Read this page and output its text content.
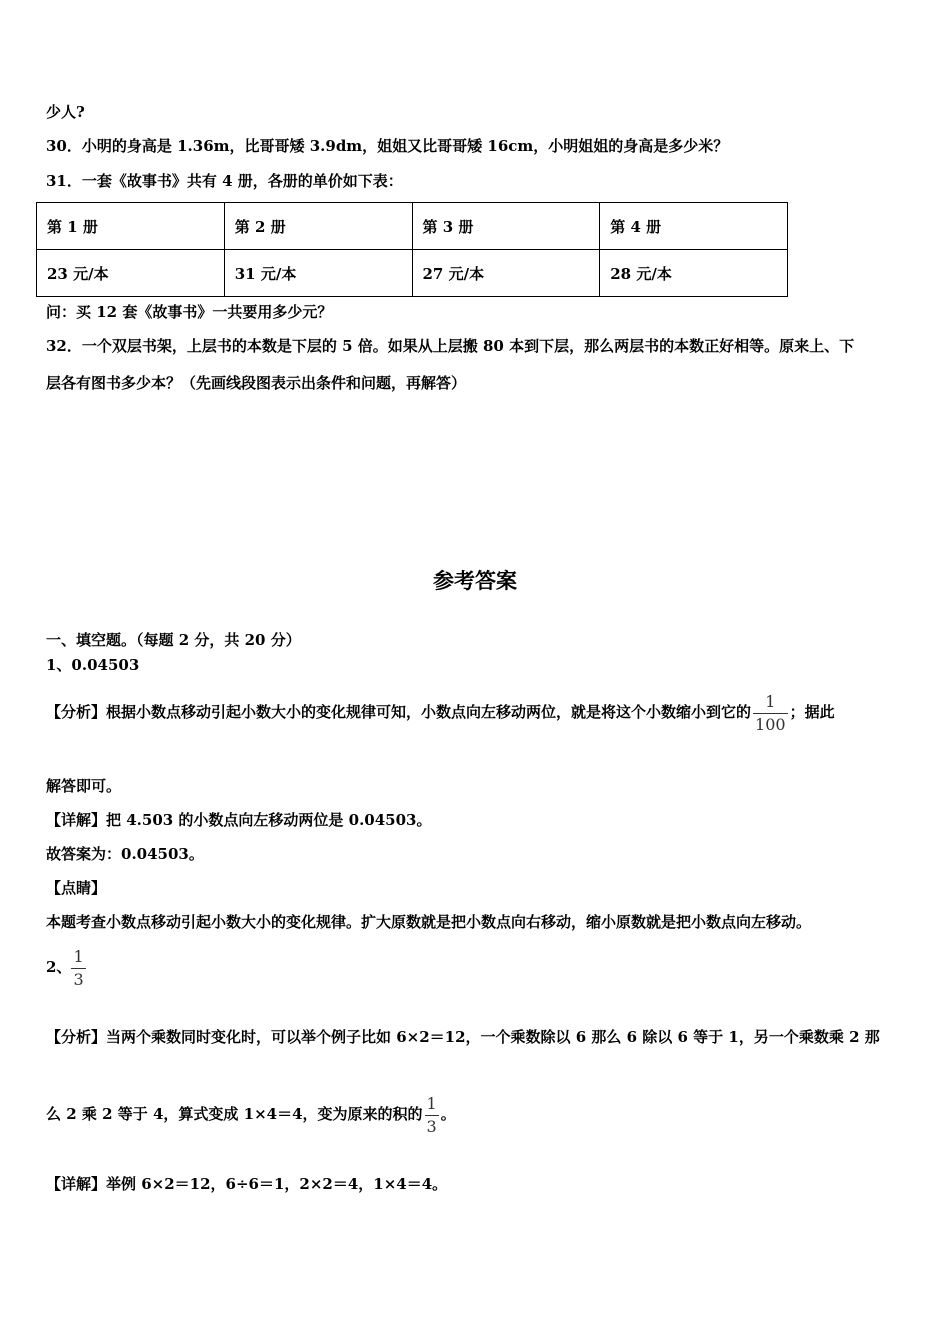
少人?
30．小明的身高是 1.36m，比哥哥矮 3.9dm，姐姐又比哥哥矮 16cm，小明姐姐的身高是多少米？
31．一套《故事书》共有 4 册，各册的单价如下表：
第 1 册	第 2 册	第 3 册	第 4 册
23 元/本	31 元/本	27 元/本	28 元/本
问：买 12 套《故事书》一共要用多少元？
32．一个双层书架，上层书的本数是下层的 5 倍。如果从上层搬 80 本到下层，那么两层书的本数正好相等。原来上、下
层各有图书多少本？（先画线段图表示出条件和问题，再解答）
参考答案
一、填空题。（每题 2 分，共 20 分）
1、0.04503
【分析】根据小数点移动引起小数大小的变化规律可知，小数点向左移动两位，就是将这个小数缩小到它的 $\frac{1}{100}$ ；据此
解答即可。
【详解】把 4.503 的小数点向左移动两位是 0.04503。
故答案为：0.04503。
【点睛】
本题考查小数点移动引起小数大小的变化规律。扩大原数就是把小数点向右移动，缩小原数就是把小数点向左移动。
2、 $\frac{1}{3}$
【分析】当两个乘数同时变化时，可以举个例子比如 6×2＝12，一个乘数除以 6 那么 6 除以 6 等于 1，另一个乘数乘 2 那
么 2 乘 2 等于 4，算式变成 1×4＝4，变为原来的积的 $\frac{1}{3}$ 。
【详解】举例 6×2＝12，6÷6＝1，2×2＝4，1×4＝4。
